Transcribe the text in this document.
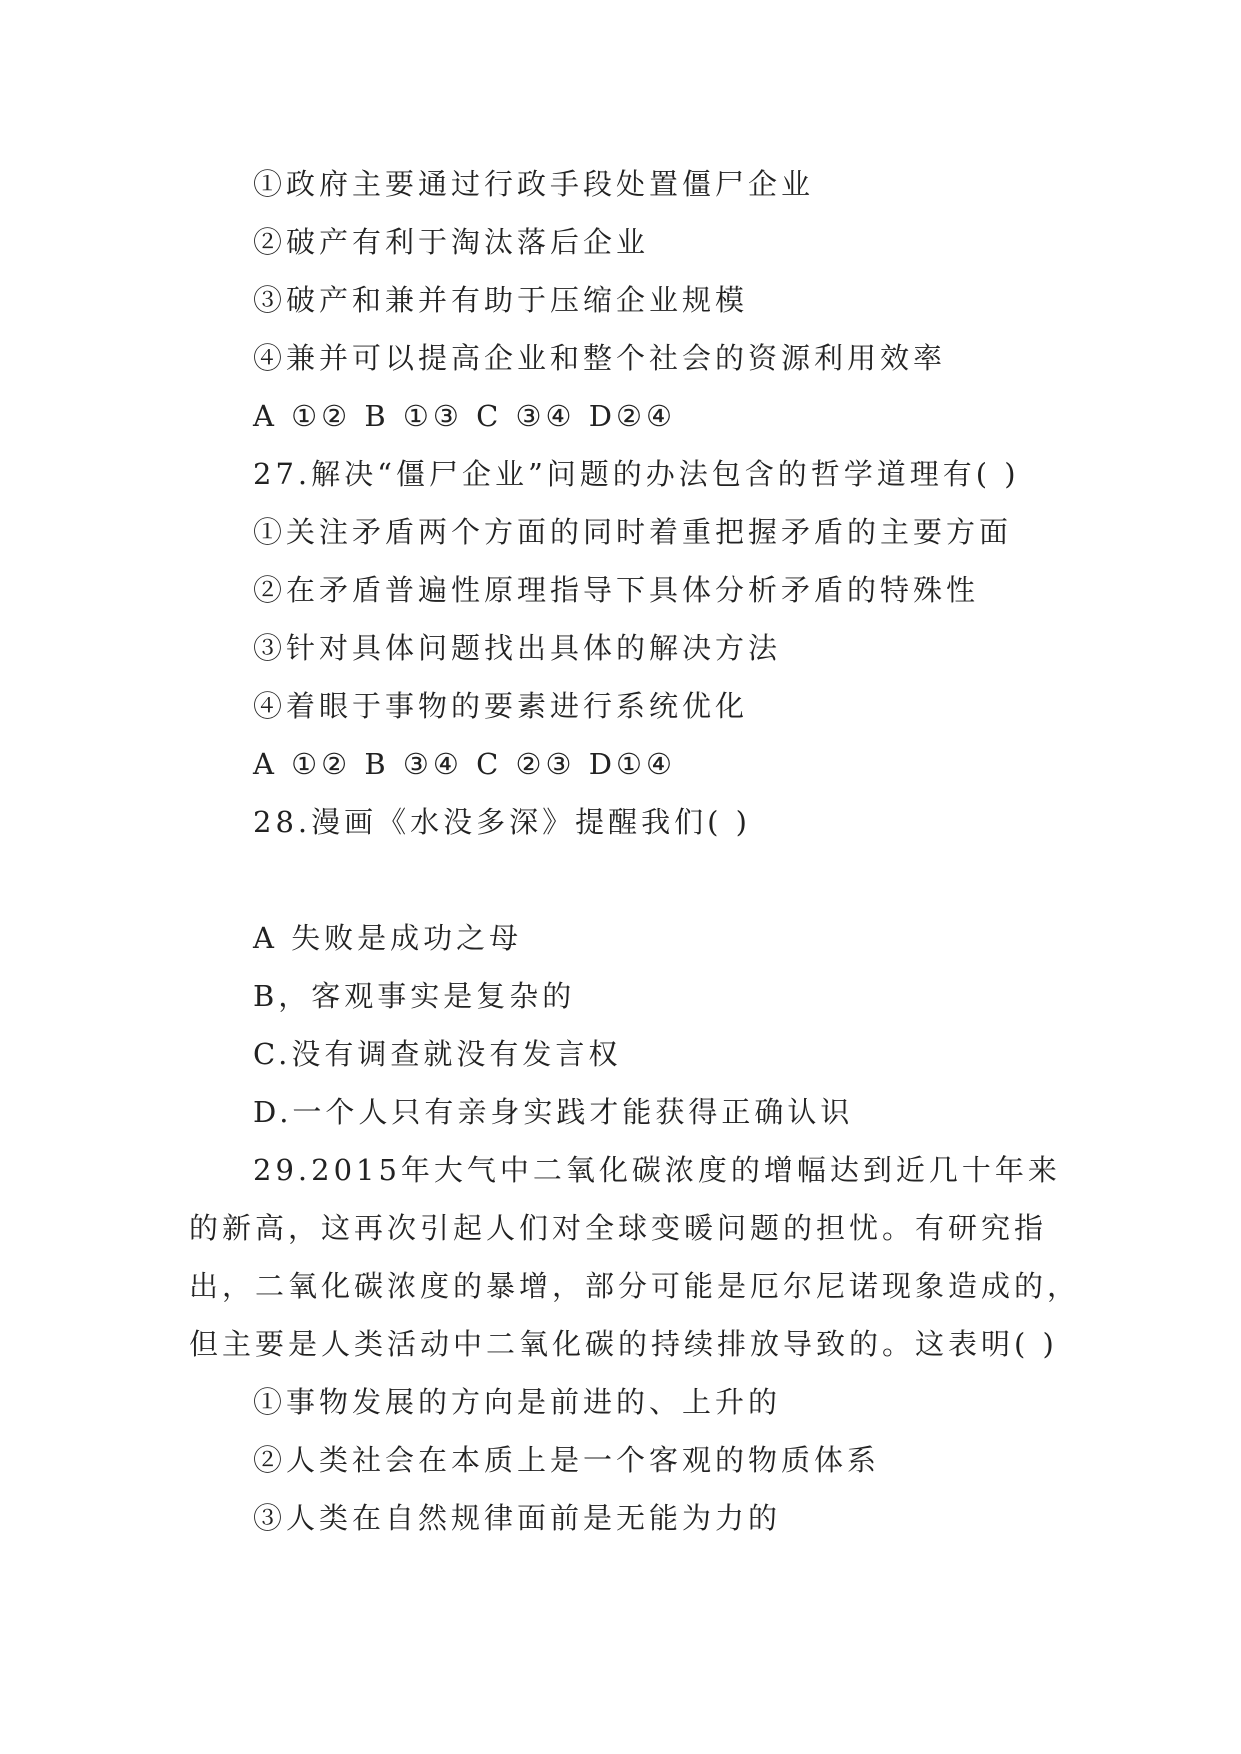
①政府主要通过行政手段处置僵尸企业
②破产有利于淘汰落后企业
③破产和兼并有助于压缩企业规模
④兼并可以提高企业和整个社会的资源利用效率
A ①② B ①③ C ③④ D②④
27.解决“僵尸企业”问题的办法包含的哲学道理有( )
①关注矛盾两个方面的同时着重把握矛盾的主要方面
②在矛盾普遍性原理指导下具体分析矛盾的特殊性
③针对具体问题找出具体的解决方法
④着眼于事物的要素进行系统优化
A ①② B ③④ C ②③ D①④
28.漫画《水没多深》提醒我们( )
A 失败是成功之母
B，客观事实是复杂的
C.没有调查就没有发言权
D.一个人只有亲身实践才能获得正确认识
29.2015年大气中二氧化碳浓度的增幅达到近几十年来
的新高，这再次引起人们对全球变暖问题的担忧。有研究指
出，二氧化碳浓度的暴增，部分可能是厄尔尼诺现象造成的，
但主要是人类活动中二氧化碳的持续排放导致的。这表明( )
①事物发展的方向是前进的、上升的
②人类社会在本质上是一个客观的物质体系
③人类在自然规律面前是无能为力的
